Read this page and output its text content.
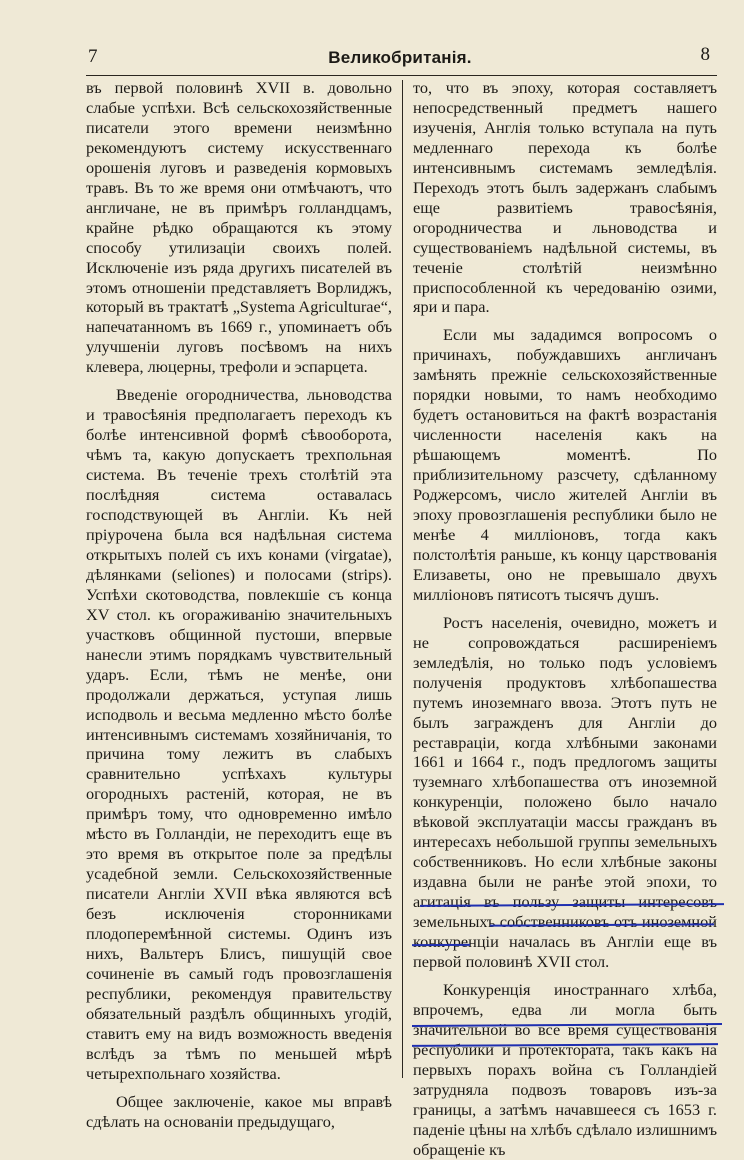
7	Великобританія.	8

въ первой половинѣ XVII в. довольно слабые успѣхи. Всѣ сельскохозяйственные писатели этого времени неизмѣнно рекомендуютъ систему искусственнаго орошенія луговъ и разведенія кормовыхъ травъ. Въ то же время они отмѣчаютъ, что англичане, не въ примѣръ голландцамъ, крайне рѣдко обращаются къ этому способу утилизаціи своихъ полей. Исключеніе изъ ряда другихъ писателей въ этомъ отношеніи представляетъ Ворлиджъ, который въ трактатѣ „Systema Agriculturae“, напечатанномъ въ 1669 г., упоминаетъ объ улучшеніи луговъ посѣвомъ на нихъ клевера, люцерны, трефоли и эспарцета.

Введеніе огородничества, льноводства и травосѣянія предполагаетъ переходъ къ болѣе интенсивной формѣ сѣвооборота, чѣмъ та, какую допускаетъ трехпольная система. Въ теченіе трехъ столѣтій эта послѣдняя система оставалась господствующей въ Англіи. Къ ней пріурочена была вся надѣльная система открытыхъ полей съ ихъ конами (virgatae), дѣлянками (seliones) и полосами (strips). Успѣхи скотоводства, повлекшіе съ конца XV стол. къ огораживанію значительныхъ участковъ общинной пустоши, впервые нанесли этимъ порядкамъ чувствительный ударъ. Если, тѣмъ не менѣе, они продолжали держаться, уступая лишь исподволь и весьма медленно мѣсто болѣе интенсивнымъ системамъ хозяйничанія, то причина тому лежитъ въ слабыхъ сравнительно успѣхахъ культуры огородныхъ растеній, которая, не въ примѣръ тому, что одновременно имѣло мѣсто въ Голландіи, не переходитъ еще въ это время въ открытое поле за предѣлы усадебной земли. Сельскохозяйственные писатели Англіи XVII вѣка являются всѣ безъ исключенія сторонниками плодоперемѣнной системы. Одинъ изъ нихъ, Вальтеръ Блисъ, пишущій свое сочиненіе въ самый годъ провозглашенія республики, рекомендуя правительству обязательный раздѣлъ общинныхъ угодій, ставитъ ему на видъ возможность введенія вслѣдъ за тѣмъ по меньшей мѣрѣ четырехпольнаго хозяйства.

Общее заключеніе, какое мы вправѣ сдѣлать на основаніи предыдущаго,

то, что въ эпоху, которая составляетъ непосредственный предметъ нашего изученія, Англія только вступала на путь медленнаго перехода къ болѣе интенсивнымъ системамъ земледѣлія. Переходъ этотъ былъ задержанъ слабымъ еще развитіемъ травосѣянія, огородничества и льноводства и существованіемъ надѣльной системы, въ теченіе столѣтій неизмѣнно приспособленной къ чередованію озими, яри и пара.

Если мы зададимся вопросомъ о причинахъ, побуждавшихъ англичанъ замѣнять прежніе сельскохозяйственные порядки новыми, то намъ необходимо будетъ остановиться на фактѣ возрастанія численности населенія какъ на рѣшающемъ моментѣ. По приблизительному разсчету, сдѣланному Роджерсомъ, число жителей Англіи въ эпоху провозглашенія республики было не менѣе 4 милліоновъ, тогда какъ полстолѣтія раньше, къ концу царствованія Елизаветы, оно не превышало двухъ милліоновъ пятисотъ тысячъ душъ.

Ростъ населенія, очевидно, можетъ и не сопровождаться расширеніемъ земледѣлія, но только подъ условіемъ полученія продуктовъ хлѣбопашества путемъ иноземнаго ввоза. Этотъ путь не былъ загражденъ для Англіи до реставраціи, когда хлѣбными законами 1661 и 1664 г., подъ предлогомъ защиты туземнаго хлѣбопашества отъ иноземной конкуренціи, положено было начало вѣковой эксплуатаціи массы гражданъ въ интересахъ небольшой группы земельныхъ собственниковъ. Но если хлѣбные законы издавна были не ранѣе этой эпохи, то агитація въ пользу защиты интересовъ земельныхъ собственниковъ отъ иноземной конкуренціи началась въ Англіи еще въ первой половинѣ XVII стол.

Конкуренція иностраннаго хлѣба, впрочемъ, едва ли могла быть значительной во все время существованія республики и протектората, такъ какъ на первыхъ порахъ война съ Голландіей затрудняла подвозъ товаровъ изъ-за границы, а затѣмъ начавшееся съ 1653 г. паденіе цѣны на хлѣбъ сдѣлало излишнимъ обращеніе къ
